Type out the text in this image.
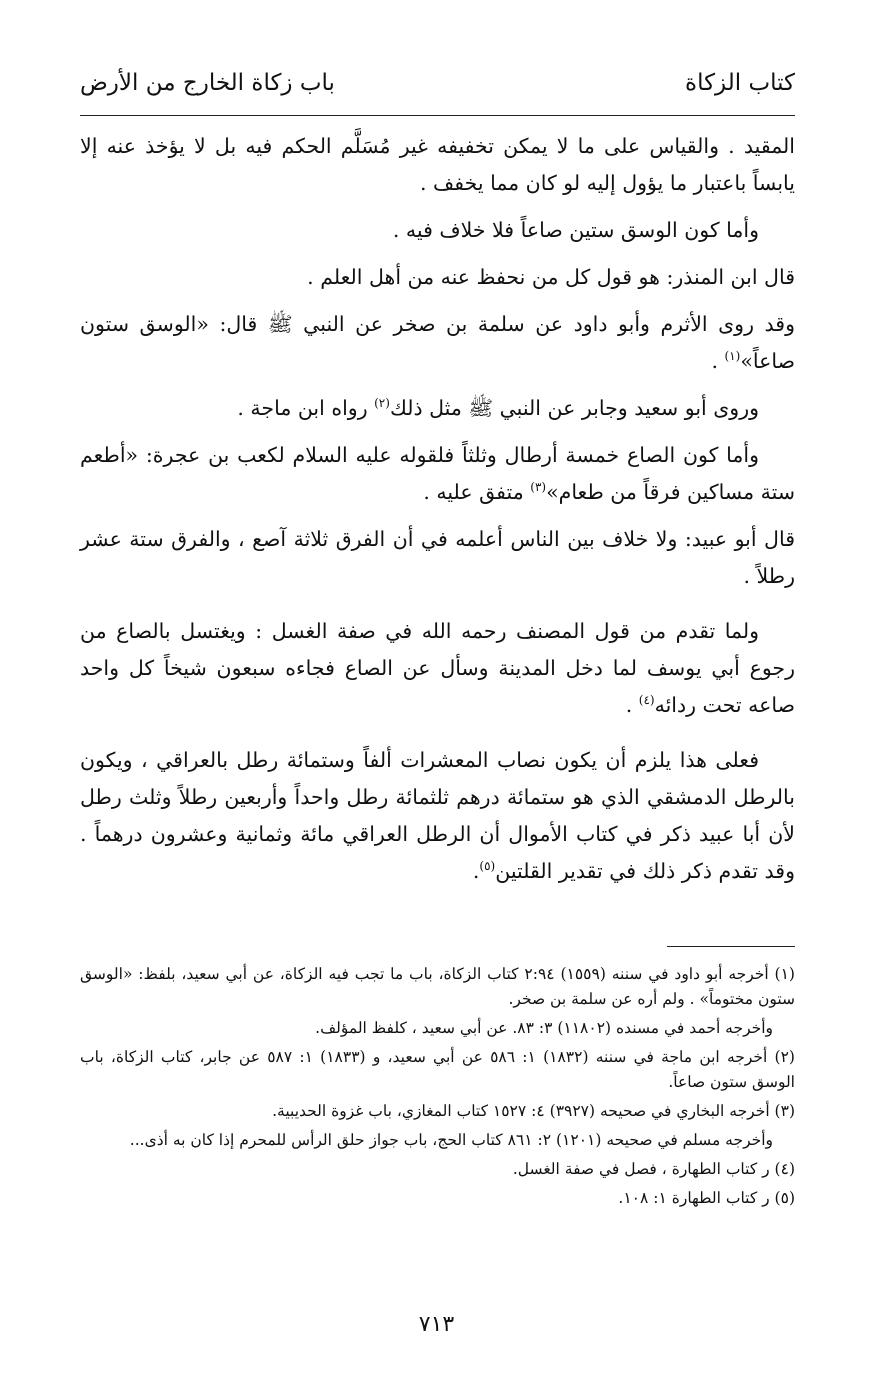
كتاب الزكاة
باب زكاة الخارج من الأرض

المقيد . والقياس على ما لا يمكن تخفيفه غير مُسَلَّم الحكم فيه بل لا يؤخذ عنه إلا يابساً باعتبار ما يؤول إليه لو كان مما يخفف .

وأما كون الوسق ستين صاعاً فلا خلاف فيه .

قال ابن المنذر: هو قول كل من نحفظ عنه من أهل العلم .

وقد روى الأثرم وأبو داود عن سلمة بن صخر عن النبي ﷺ قال: «الوسق ستون صاعاً»$^{(١)}$ .

وروى أبو سعيد وجابر عن النبي ﷺ مثل ذلك$^{(٢)}$ رواه ابن ماجة .

وأما كون الصاع خمسة أرطال وثلثاً فلقوله عليه السلام لكعب بن عجرة: «أطعم ستة مساكين فرقاً من طعام»$^{(٣)}$ متفق عليه .

قال أبو عبيد: ولا خلاف بين الناس أعلمه في أن الفرق ثلاثة آصع ، والفرق ستة عشر رطلاً .

ولما تقدم من قول المصنف رحمه الله في صفة الغسل : ويغتسل بالصاع من رجوع أبي يوسف لما دخل المدينة وسأل عن الصاع فجاءه سبعون شيخاً كل واحد صاعه تحت ردائه$^{(٤)}$ .

فعلى هذا يلزم أن يكون نصاب المعشرات ألفاً وستمائة رطل بالعراقي ، ويكون بالرطل الدمشقي الذي هو ستمائة درهم ثلثمائة رطل واحداً وأربعين رطلاً وثلث رطل لأن أبا عبيد ذكر في كتاب الأموال أن الرطل العراقي مائة وثمانية وعشرون درهماً . وقد تقدم ذكر ذلك في تقدير القلتين$^{(٥)}$.

(١) أخرجه أبو داود في سننه (١٥٥٩) ٢:٩٤ كتاب الزكاة، باب ما تجب فيه الزكاة، عن أبي سعيد، بلفظ: «الوسق ستون مختوماً» . ولم أره عن سلمة بن صخر.

وأخرجه أحمد في مسنده (١١٨٠٢) ٣: ٨٣. عن أبي سعيد ، كلفظ المؤلف.

(٢) أخرجه ابن ماجة في سننه (١٨٣٢) ١: ٥٨٦ عن أبي سعيد، و (١٨٣٣) ١: ٥٨٧ عن جابر، كتاب الزكاة، باب الوسق ستون صاعاً.

(٣) أخرجه البخاري في صحيحه (٣٩٢٧) ٤: ١٥٢٧ كتاب المغازي، باب غزوة الحديبية.

وأخرجه مسلم في صحيحه (١٢٠١) ٢: ٨٦١ كتاب الحج، باب جواز حلق الرأس للمحرم إذا كان به أذى...

(٤) ر كتاب الطهارة ، فصل في صفة الغسل.

(٥) ر كتاب الطهارة ١: ١٠٨.

٧١٣
